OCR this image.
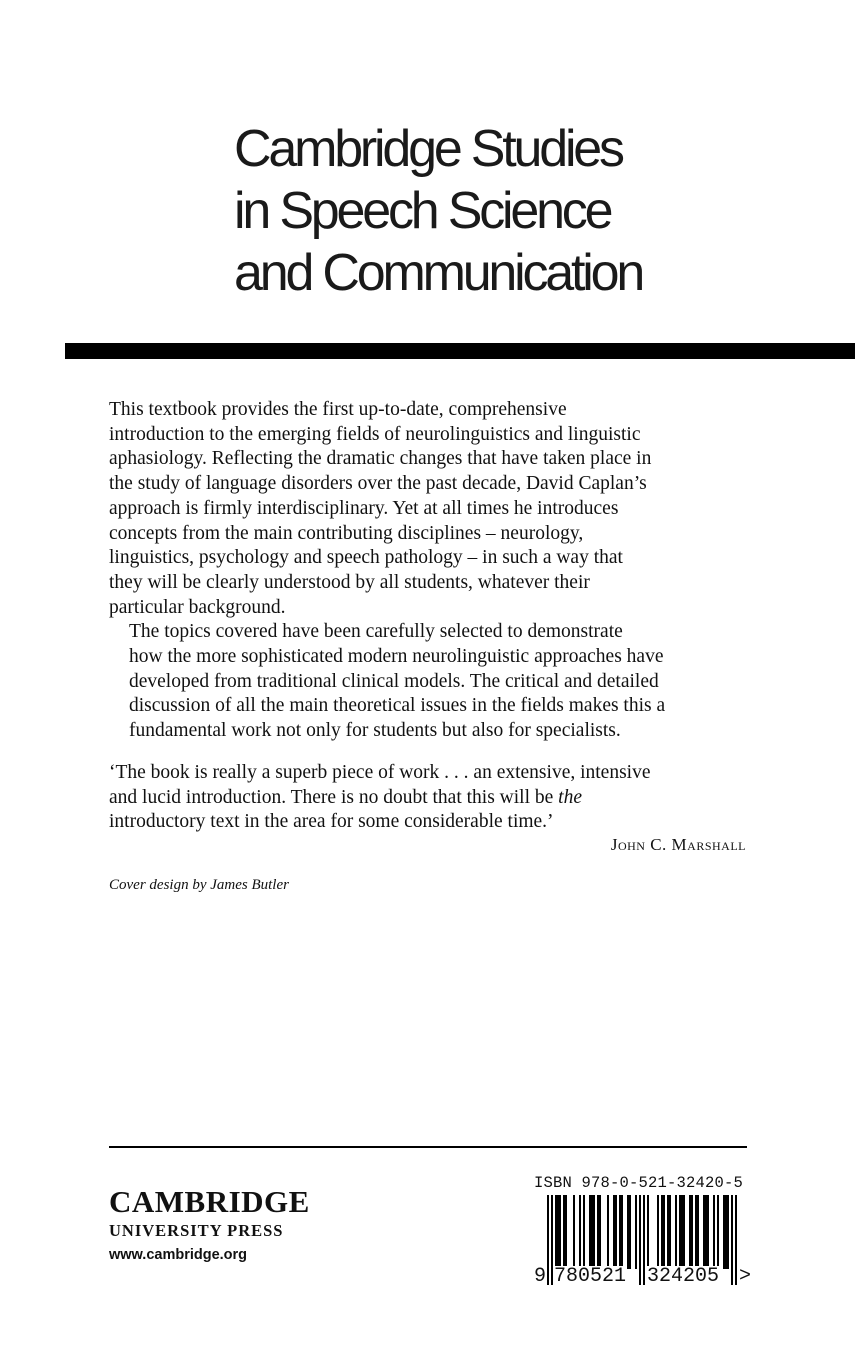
Cambridge Studies
in Speech Science
and Communication

This textbook provides the first up-to-date, comprehensive
introduction to the emerging fields of neurolinguistics and linguistic
aphasiology. Reflecting the dramatic changes that have taken place in
the study of language disorders over the past decade, David Caplan’s
approach is firmly interdisciplinary. Yet at all times he introduces
concepts from the main contributing disciplines – neurology,
linguistics, psychology and speech pathology – in such a way that
they will be clearly understood by all students, whatever their
particular background.

The topics covered have been carefully selected to demonstrate
how the more sophisticated modern neurolinguistic approaches have
developed from traditional clinical models. The critical and detailed
discussion of all the main theoretical issues in the fields makes this a
fundamental work not only for students but also for specialists.

‘The book is really a superb piece of work . . . an extensive, intensive
and lucid introduction. There is no doubt that this will be the
introductory text in the area for some considerable time.’
John C. Marshall
Cover design by James Butler
CAMBRIDGE
UNIVERSITY PRESS
www.cambridge.org
ISBN 978-0-521-32420-5
9 780521 324205 >
